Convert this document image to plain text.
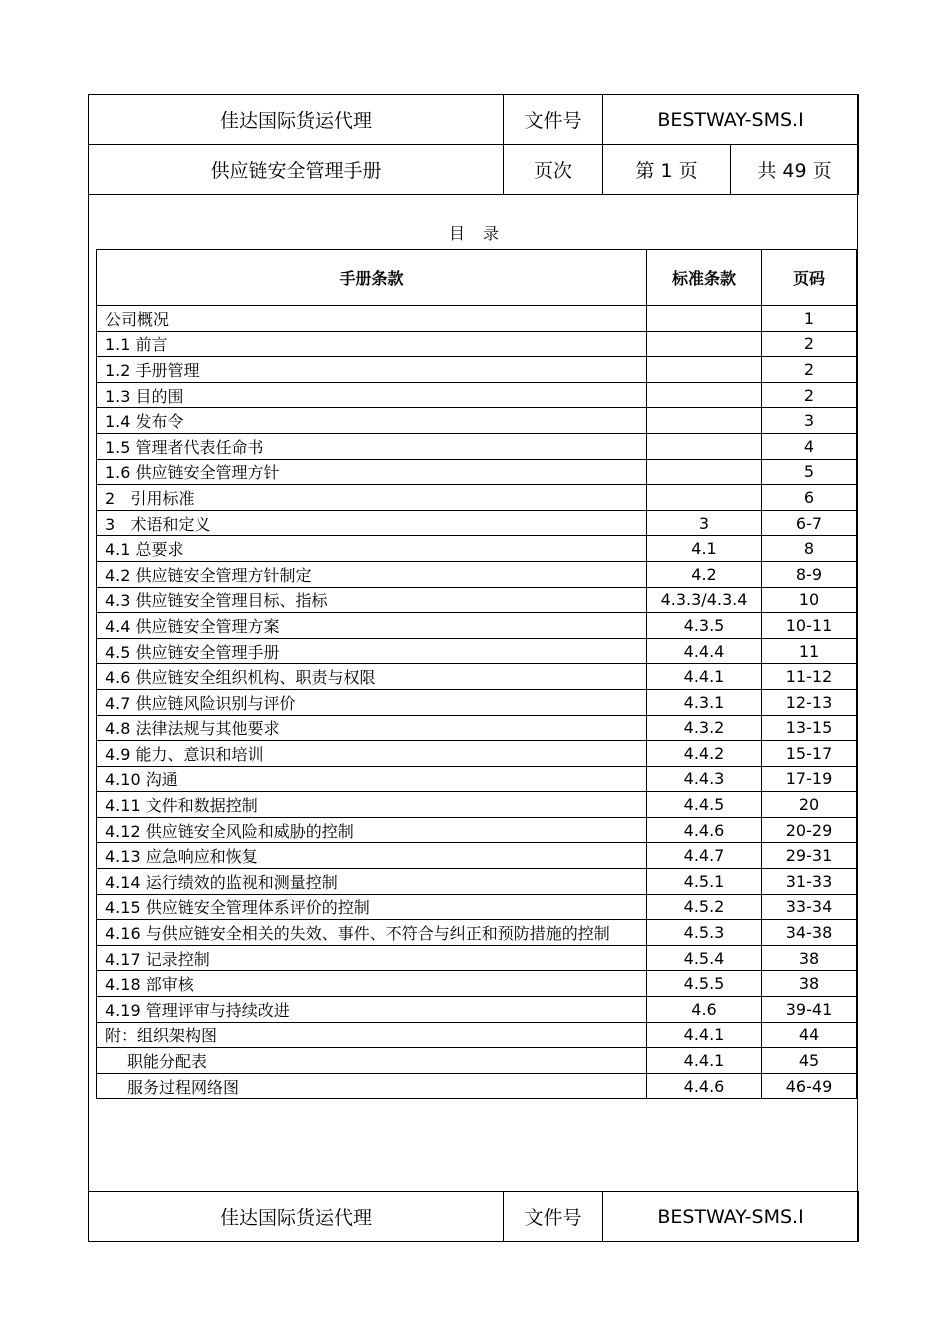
佳达国际货运代理	文件号	BESTWAY-SMS.I	
供应链安全管理手册	页次	第 1 页	共 49 页
目录
手册条款	标准条款	页码
公司概况		1
1.1 前言		2
1.2 手册管理		2
1.3 目的围		2
1.4 发布令		3
1.5 管理者代表任命书		4
1.6 供应链安全管理方针		5
2   引用标准		6
3   术语和定义	3	6-7
4.1 总要求	4.1	8
4.2 供应链安全管理方针制定	4.2	8-9
4.3 供应链安全管理目标、指标	4.3.3/4.3.4	10
4.4 供应链安全管理方案	4.3.5	10-11
4.5 供应链安全管理手册	4.4.4	11
4.6 供应链安全组织机构、职责与权限	4.4.1	11-12
4.7 供应链风险识别与评价	4.3.1	12-13
4.8 法律法规与其他要求	4.3.2	13-15
4.9 能力、意识和培训	4.4.2	15-17
4.10 沟通	4.4.3	17-19
4.11 文件和数据控制	4.4.5	20
4.12 供应链安全风险和威胁的控制	4.4.6	20-29
4.13 应急响应和恢复	4.4.7	29-31
4.14 运行绩效的监视和测量控制	4.5.1	31-33
4.15 供应链安全管理体系评价的控制	4.5.2	33-34
4.16 与供应链安全相关的失效、事件、不符合与纠正和预防措施的控制	4.5.3	34-38
4.17 记录控制	4.5.4	38
4.18 部审核	4.5.5	38
4.19 管理评审与持续改进	4.6	39-41
附：组织架构图	4.4.1	44
职能分配表	4.4.1	45
服务过程网络图	4.4.6	46-49
佳达国际货运代理	文件号	BESTWAY-SMS.I
